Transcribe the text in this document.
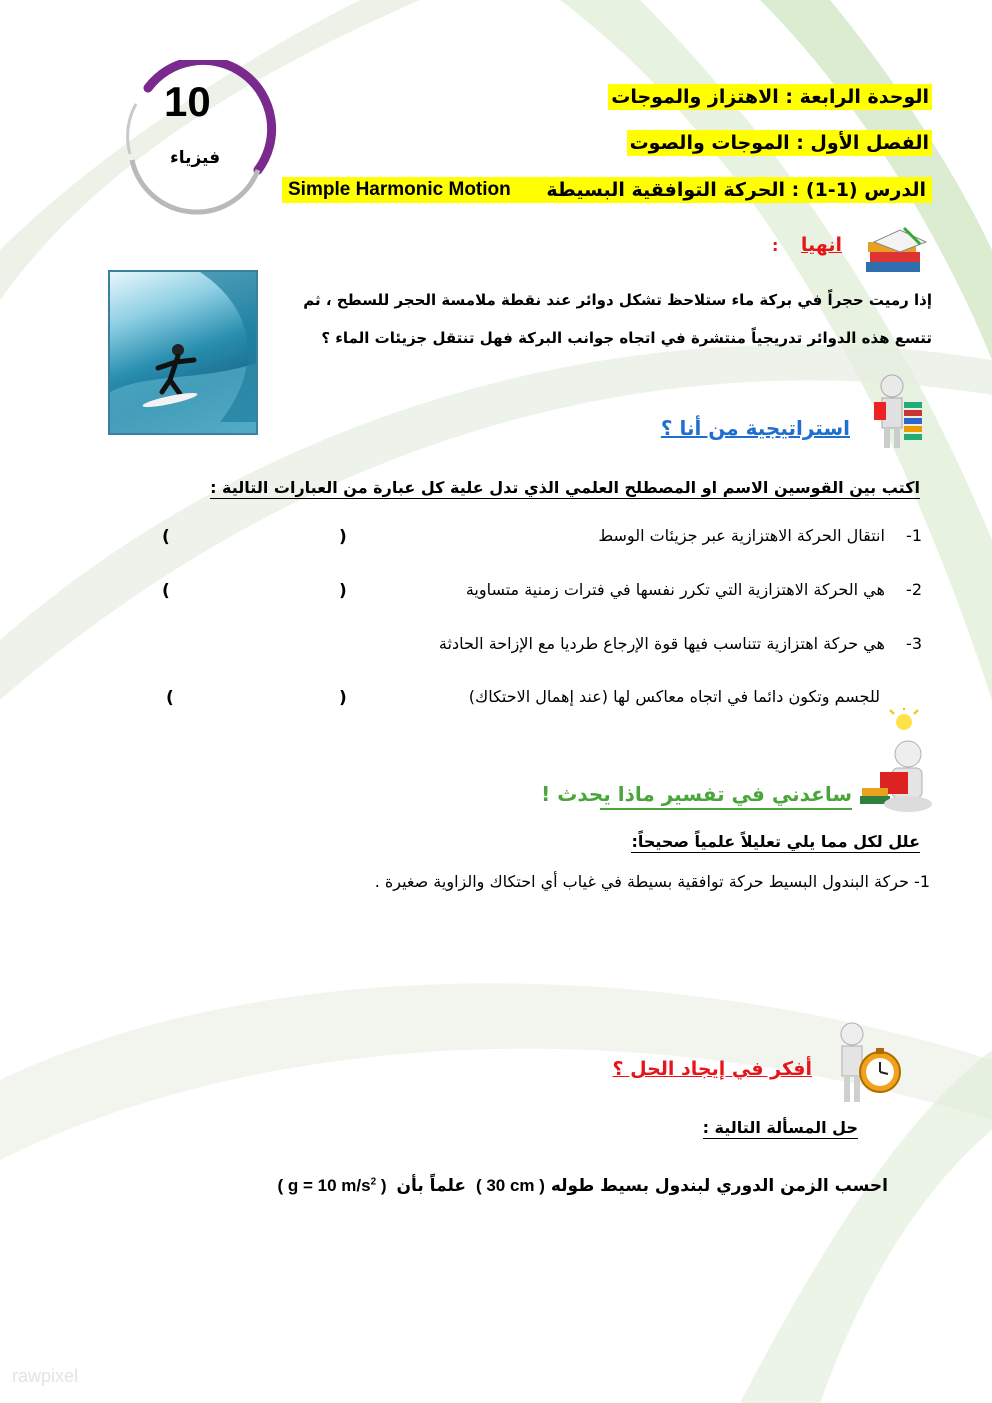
10
فيزياء
الوحدة الرابعة : الاهتزاز والموجات
الفصل الأول : الموجات والصوت
Simple Harmonic Motion الدرس (1-1) : الحركة التوافقية البسيطة
انهيا
:
إذا رميت حجراً في بركة ماء ستلاحظ تشكل دوائر عند نقطة ملامسة الحجر للسطح ، ثم
تتسع هذه الدوائر تدريجياً منتشرة في اتجاه جوانب البركة فهل تنتقل جزيئات الماء ؟
استراتيجية من أنا ؟
اكتب بين القوسين الاسم او المصطلح العلمي الذي تدل علية كل عبارة من العبارات التالية :
1- انتقال الحركة الاهتزازية عبر جزيئات الوسط
)
(
2- هي الحركة الاهتزازية التي تكرر نفسها في فترات زمنية متساوية
)
(
3- هي حركة اهتزازية تتناسب فيها قوة الإرجاع طرديا مع الإزاحة الحادثة
للجسم وتكون دائما في اتجاه معاكس لها (عند إهمال الاحتكاك)
)
(
ساعدني في تفسير ماذا يحدث !
علل لكل مما يلي تعليلاً علمياً صحيحاً:
1- حركة البندول البسيط حركة توافقية بسيطة في غياب أي احتكاك والزاوية صغيرة .
أفكر في إيجاد الحل ؟
حل المسألة التالية :
( g = 10 $m/s^2$ ) علماً بأن ( 30 cm ) احسب الزمن الدوري لبندول بسيط طوله
rawpixel
